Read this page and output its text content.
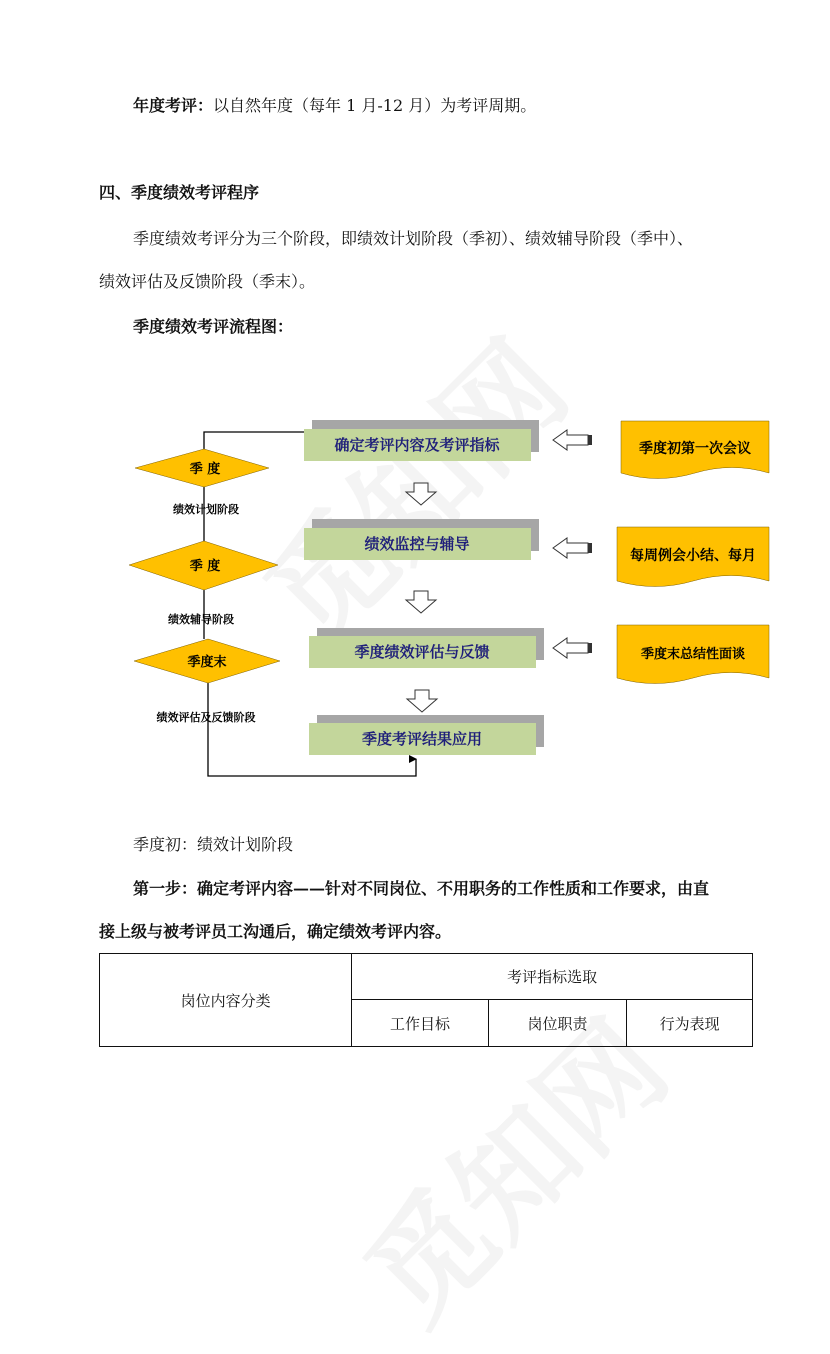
年度考评：以自然年度（每年 1 月-12 月）为考评周期。
四、季度绩效考评程序
季度绩效考评分为三个阶段，即绩效计划阶段（季初）、绩效辅导阶段（季中）、
绩效评估及反馈阶段（季末）。
季度绩效考评流程图：
季 度
季 度
季度末
绩效计划阶段
绩效辅导阶段
绩效评估及反馈阶段
确定考评内容及考评指标
绩效监控与辅导
季度绩效评估与反馈
季度考评结果应用
季度初第一次会议
每周例会小结、每月
季度末总结性面谈
季度初：绩效计划阶段
第一步：确定考评内容——针对不同岗位、不用职务的工作性质和工作要求，由直
接上级与被考评员工沟通后，确定绩效考评内容。
岗位内容分类	考评指标选取		
	工作目标	岗位职责	行为表现
